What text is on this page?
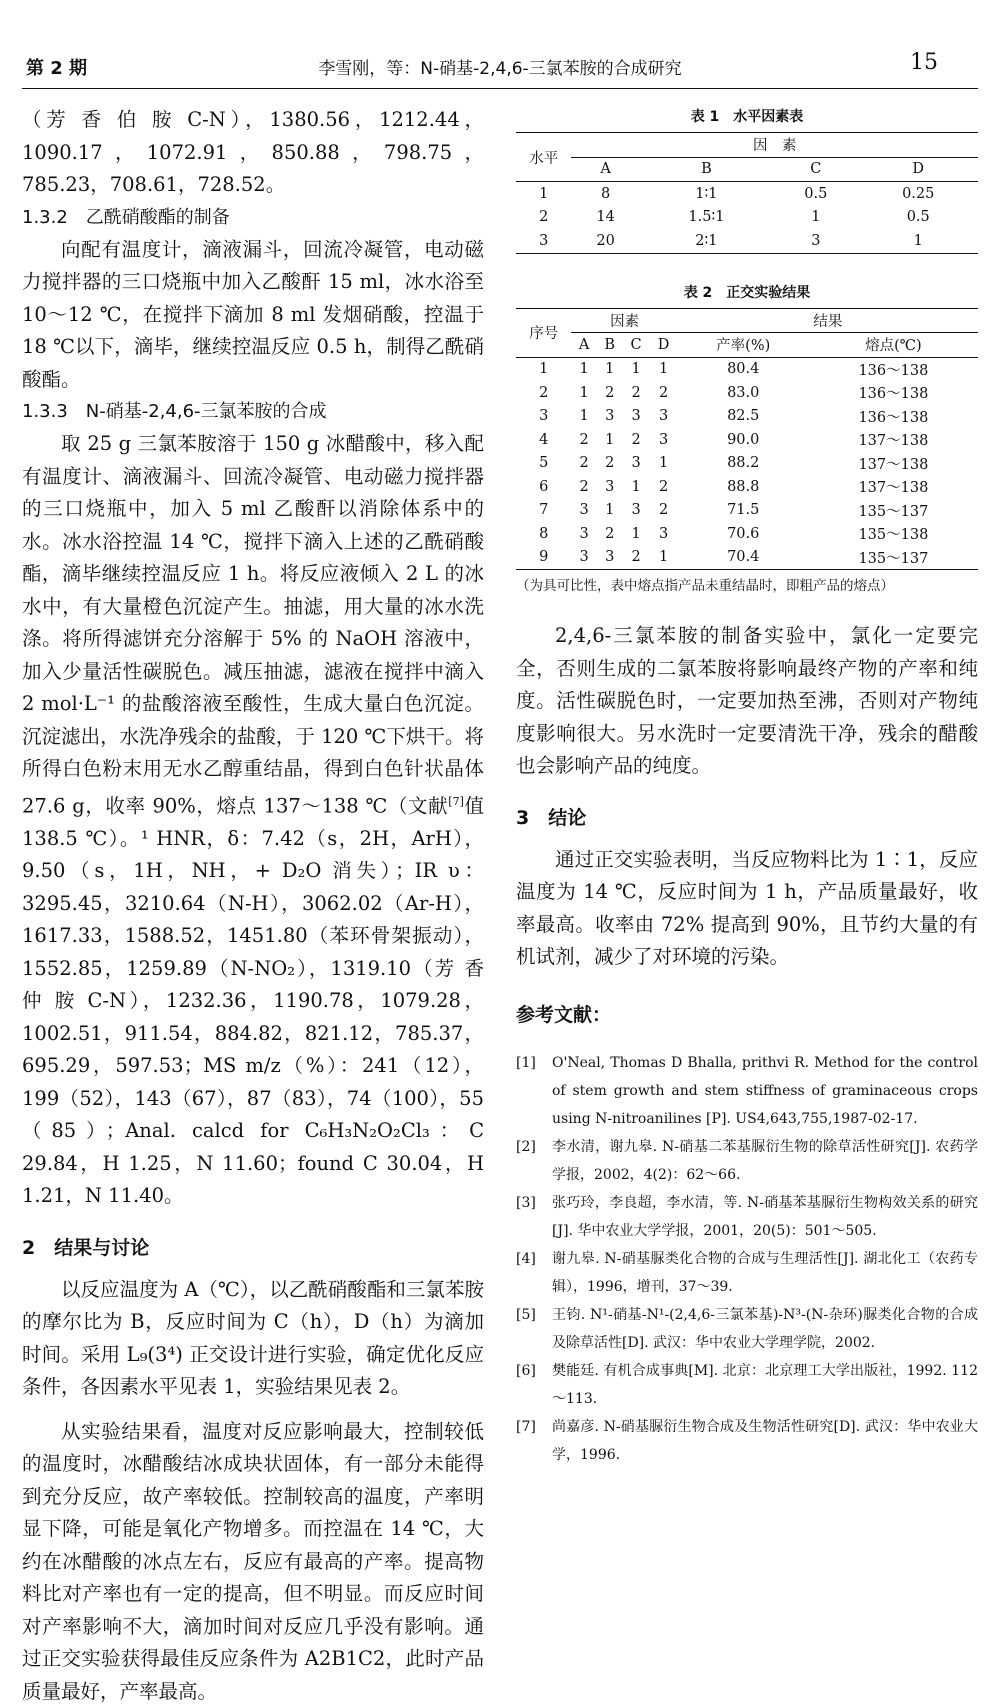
第 2 期	李雪刚，等：N-硝基-2,4,6-三氯苯胺的合成研究	15

（芳 香 伯 胺 C-N），1380.56，1212.44，1090.17，1072.91，850.88，798.75，785.23，708.61，728.52。

1.3.2　乙酰硝酸酯的制备

向配有温度计，滴液漏斗，回流冷凝管，电动磁力搅拌器的三口烧瓶中加入乙酸酐 15 ml，冰水浴至 10～12 ℃，在搅拌下滴加 8 ml 发烟硝酸，控温于 18 ℃以下，滴毕，继续控温反应 0.5 h，制得乙酰硝酸酯。

1.3.3　N-硝基-2,4,6-三氯苯胺的合成

取 25 g 三氯苯胺溶于 150 g 冰醋酸中，移入配有温度计、滴液漏斗、回流冷凝管、电动磁力搅拌器的三口烧瓶中，加入 5 ml 乙酸酐以消除体系中的水。冰水浴控温 14 ℃，搅拌下滴入上述的乙酰硝酸酯，滴毕继续控温反应 1 h。将反应液倾入 2 L 的冰水中，有大量橙色沉淀产生。抽滤，用大量的冰水洗涤。将所得滤饼充分溶解于 5% 的 NaOH 溶液中，加入少量活性碳脱色。减压抽滤，滤液在搅拌中滴入 2 mol·L⁻¹ 的盐酸溶液至酸性，生成大量白色沉淀。沉淀滤出，水洗净残余的盐酸，于 120 ℃下烘干。将所得白色粉末用无水乙醇重结晶，得到白色针状晶体 27.6 g，收率 90%，熔点 137～138 ℃（文献[7]值 138.5 ℃）。¹ HNR，δ：7.42（s，2H，ArH），9.50（s，1H，NH，+ D₂O 消失）；IR υ：3295.45，3210.64（N-H），3062.02（Ar-H），1617.33，1588.52，1451.80（苯环骨架振动），1552.85，1259.89（N-NO₂），1319.10（芳 香 仲 胺 C-N），1232.36，1190.78，1079.28，1002.51，911.54，884.82，821.12，785.37，695.29，597.53；MS m/z（%）：241（12），199（52），143（67），87（83），74（100），55（85）；Anal. calcd for C₆H₃N₂O₂Cl₃：C 29.84，H 1.25，N 11.60；found C 30.04，H 1.21，N 11.40。

2　结果与讨论

以反应温度为 A（℃），以乙酰硝酸酯和三氯苯胺的摩尔比为 B，反应时间为 C（h），D（h）为滴加时间。采用 L₉(3⁴) 正交设计进行实验，确定优化反应条件，各因素水平见表 1，实验结果见表 2。

从实验结果看，温度对反应影响最大，控制较低的温度时，冰醋酸结冰成块状固体，有一部分未能得到充分反应，故产率较低。控制较高的温度，产率明显下降，可能是氧化产物增多。而控温在 14 ℃，大约在冰醋酸的冰点左右，反应有最高的产率。提高物料比对产率也有一定的提高，但不明显。而反应时间对产率影响不大，滴加时间对反应几乎没有影响。通过正交实验获得最佳反应条件为 A2B1C2，此时产品质量最好，产率最高。

表 1　水平因素表
水平	因　素			
	A	B	C	D
1	8	1∶1	0.5	0.25
2	14	1.5∶1	1	0.5
3	20	2∶1	3	1
表 2　正交实验结果
序号	因素				结果	
	A	B	C	D	产率(%)	熔点(℃)
1	1	1	1	1	80.4	136～138
2	1	2	2	2	83.0	136～138
3	1	3	3	3	82.5	136～138
4	2	1	2	3	90.0	137～138
5	2	2	3	1	88.2	137～138
6	2	3	1	2	88.8	137～138
7	3	1	3	2	71.5	135～137
8	3	2	1	3	70.6	135～138
9	3	3	2	1	70.4	135～137
（为具可比性，表中熔点指产品未重结晶时，即粗产品的熔点）

2,4,6-三氯苯胺的制备实验中，氯化一定要完全，否则生成的二氯苯胺将影响最终产物的产率和纯度。活性碳脱色时，一定要加热至沸，否则对产物纯度影响很大。另水洗时一定要清洗干净，残余的醋酸也会影响产品的纯度。

3　结论

通过正交实验表明，当反应物料比为 1∶1，反应温度为 14 ℃，反应时间为 1 h，产品质量最好，收率最高。收率由 72% 提高到 90%，且节约大量的有机试剂，减少了对环境的污染。

参考文献：
[1] O'Neal, Thomas D Bhalla, prithvi R. Method for the control of stem growth and stem stiffness of graminaceous crops using N-nitroanilines [P]. US4,643,755,1987-02-17.
[2] 李水清，谢九皋. N-硝基二苯基脲衍生物的除草活性研究[J]. 农药学学报，2002，4(2)：62～66.
[3] 张巧玲，李良超，李水清，等. N-硝基苯基脲衍生物构效关系的研究[J]. 华中农业大学学报，2001，20(5)：501～505.
[4] 谢九皋. N-硝基脲类化合物的合成与生理活性[J]. 湖北化工（农药专辑），1996，增刊，37～39.
[5] 王钧. N¹-硝基-N¹-(2,4,6-三氯苯基)-N³-(N-杂环)脲类化合物的合成及除草活性[D]. 武汉：华中农业大学理学院，2002.
[6] 樊能廷. 有机合成事典[M]. 北京：北京理工大学出版社，1992. 112～113.
[7] 尚嘉彦. N-硝基脲衍生物合成及生物活性研究[D]. 武汉：华中农业大学，1996.
